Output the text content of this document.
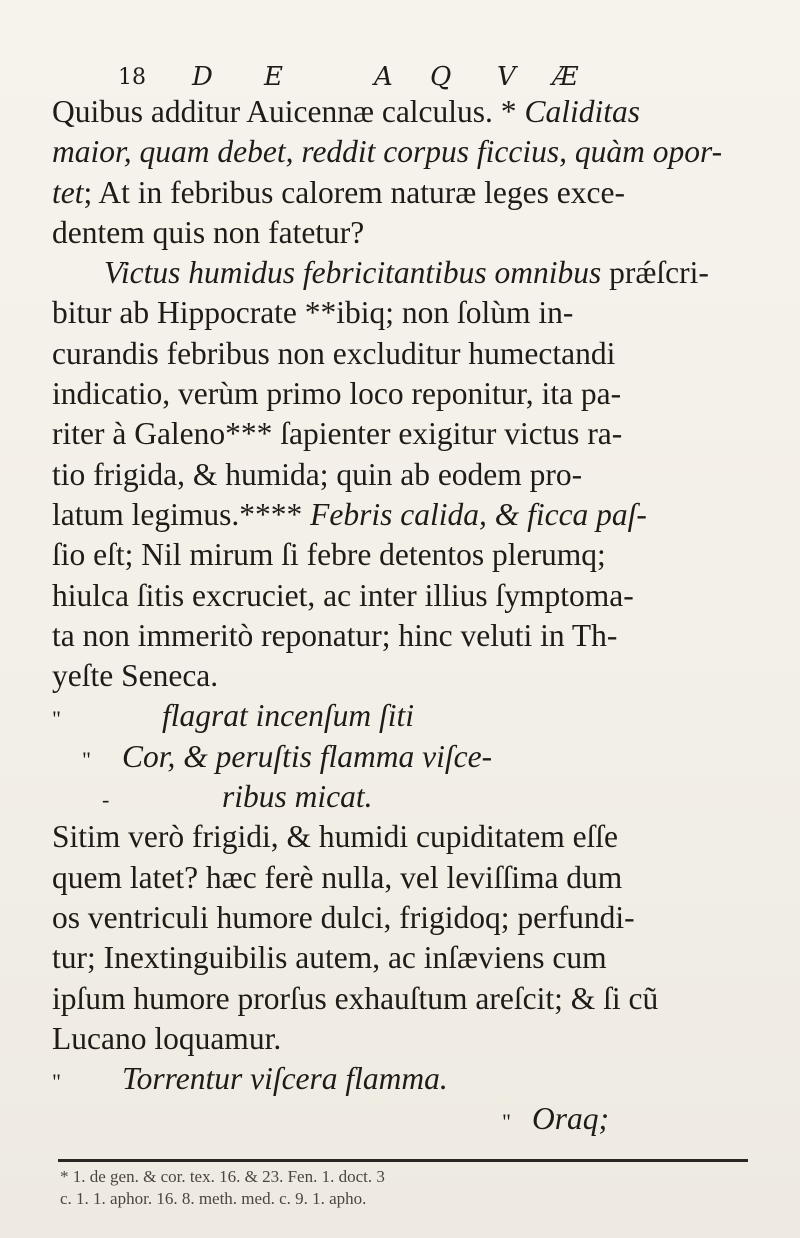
18 D E	A Q V Æ
Quibus additur Auicennæ calculus. * Caliditas
maior, quam debet, reddit corpus ficcius, quàm opor-
tet; At in febribus calorem naturæ leges exce-
dentem quis non fatetur?
Victus humidus febricitantibus omnibus prǽſcri-
bitur ab Hippocrate **ibiq; non ſolùm in-
curandis febribus non excluditur humectandi
indicatio, verùm primo loco reponitur, ita pa-
riter à Galeno*** ſapienter exigitur victus ra-
tio frigida, & humida; quin ab eodem pro-
latum legimus.**** Febris calida, & ficca paſ-
ſio eſt; Nil mirum ſi febre detentos plerumq;
hiulca ſitis excruciet, ac inter illius ſymptoma-
ta non immeritò reponatur; hinc veluti in Th-
yeſte Seneca.
"	flagrat incenſum ſiti
" Cor, & peruſtis flamma viſce-
-	ribus micat.
Sitim verò frigidi, & humidi cupiditatem eſſe
quem latet? hæc ferè nulla, vel leviſſima dum
os ventriculi humore dulci, frigidoq; perfundi-
tur; Inextinguibilis autem, ac inſæviens cum
ipſum humore prorſus exhauſtum areſcit; & ſi cũ
Lucano loquamur.
" Torrentur viſcera flamma.
" Oraq;
* 1. de gen. & cor. tex. 16. & 23. Fen. 1. doct. 3
c. 1. 1. aphor. 16. 8. meth. med. c. 9. 1. apho.
